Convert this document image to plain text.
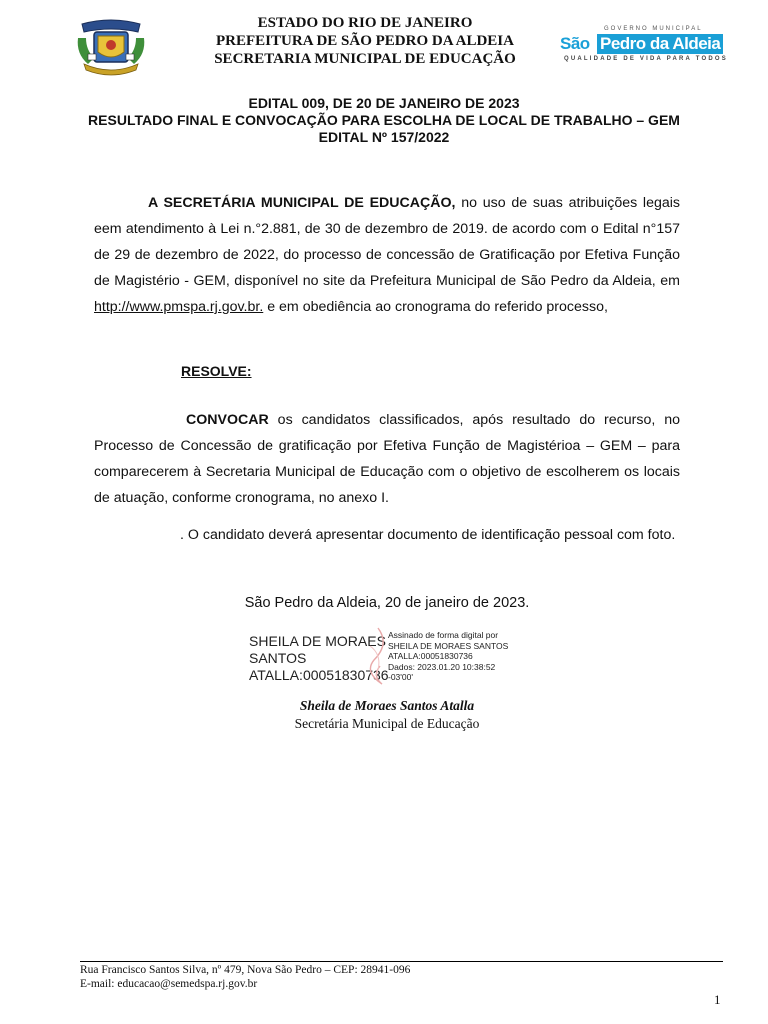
ESTADO DO RIO DE JANEIRO
PREFEITURA DE SÃO PEDRO DA ALDEIA
SECRETARIA MUNICIPAL DE EDUCAÇÃO
GOVERNO MUNICIPAL
São Pedro da Aldeia
QUALIDADE DE VIDA PARA TODOS
EDITAL 009, DE 20 DE JANEIRO DE 2023
RESULTADO FINAL E CONVOCAÇÃO PARA ESCOLHA DE LOCAL DE TRABALHO – GEM
EDITAL Nº 157/2022
A SECRETÁRIA MUNICIPAL DE EDUCAÇÃO, no uso de suas atribuições legais eem atendimento à Lei n.°2.881, de 30 de dezembro de 2019. de acordo com o Edital n°157 de 29 de dezembro de 2022, do processo de concessão de Gratificação por Efetiva Função de Magistério - GEM, disponível no site da Prefeitura Municipal de São Pedro da Aldeia, em http://www.pmspa.rj.gov.br. e em obediência ao cronograma do referido processo,
RESOLVE:
CONVOCAR os candidatos classificados, após resultado do recurso, no Processo de Concessão de gratificação por Efetiva Função de Magistérioa – GEM – para comparecerem à Secretaria Municipal de Educação com o objetivo de escolherem os locais de atuação, conforme cronograma, no anexo I.
. O candidato deverá apresentar documento de identificação pessoal com foto.
São Pedro da Aldeia, 20 de janeiro de 2023.
SHEILA DE MORAES
SANTOS
ATALLA:00051830736
Assinado de forma digital por
SHEILA DE MORAES SANTOS
ATALLA:00051830736
Dados: 2023.01.20 10:38:52
-03'00'
Sheila de Moraes Santos Atalla
Secretária Municipal de Educação
Rua Francisco Santos Silva, nº 479, Nova São Pedro – CEP: 28941-096
E-mail: educacao@semedspa.rj.gov.br
1
